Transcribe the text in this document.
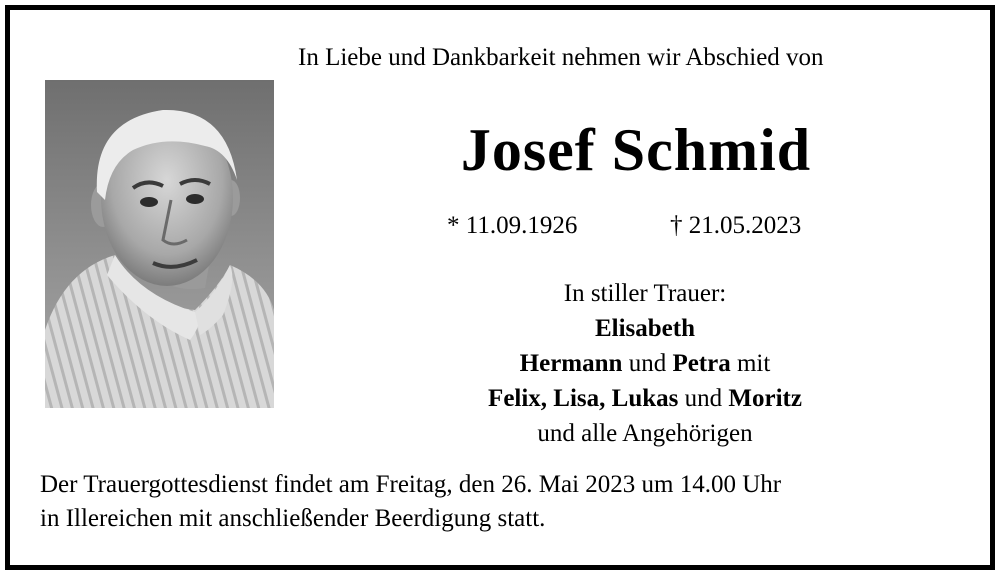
In Liebe und Dankbarkeit nehmen wir Abschied von
Josef Schmid
* 11.09.1926	† 21.05.2023
In stiller Trauer:
Elisabeth
Hermann und Petra mit
Felix, Lisa, Lukas und Moritz
und alle Angehörigen
Der Trauergottesdienst findet am Freitag, den 26. Mai 2023 um 14.00 Uhr
in Illereichen mit anschließender Beerdigung statt.
